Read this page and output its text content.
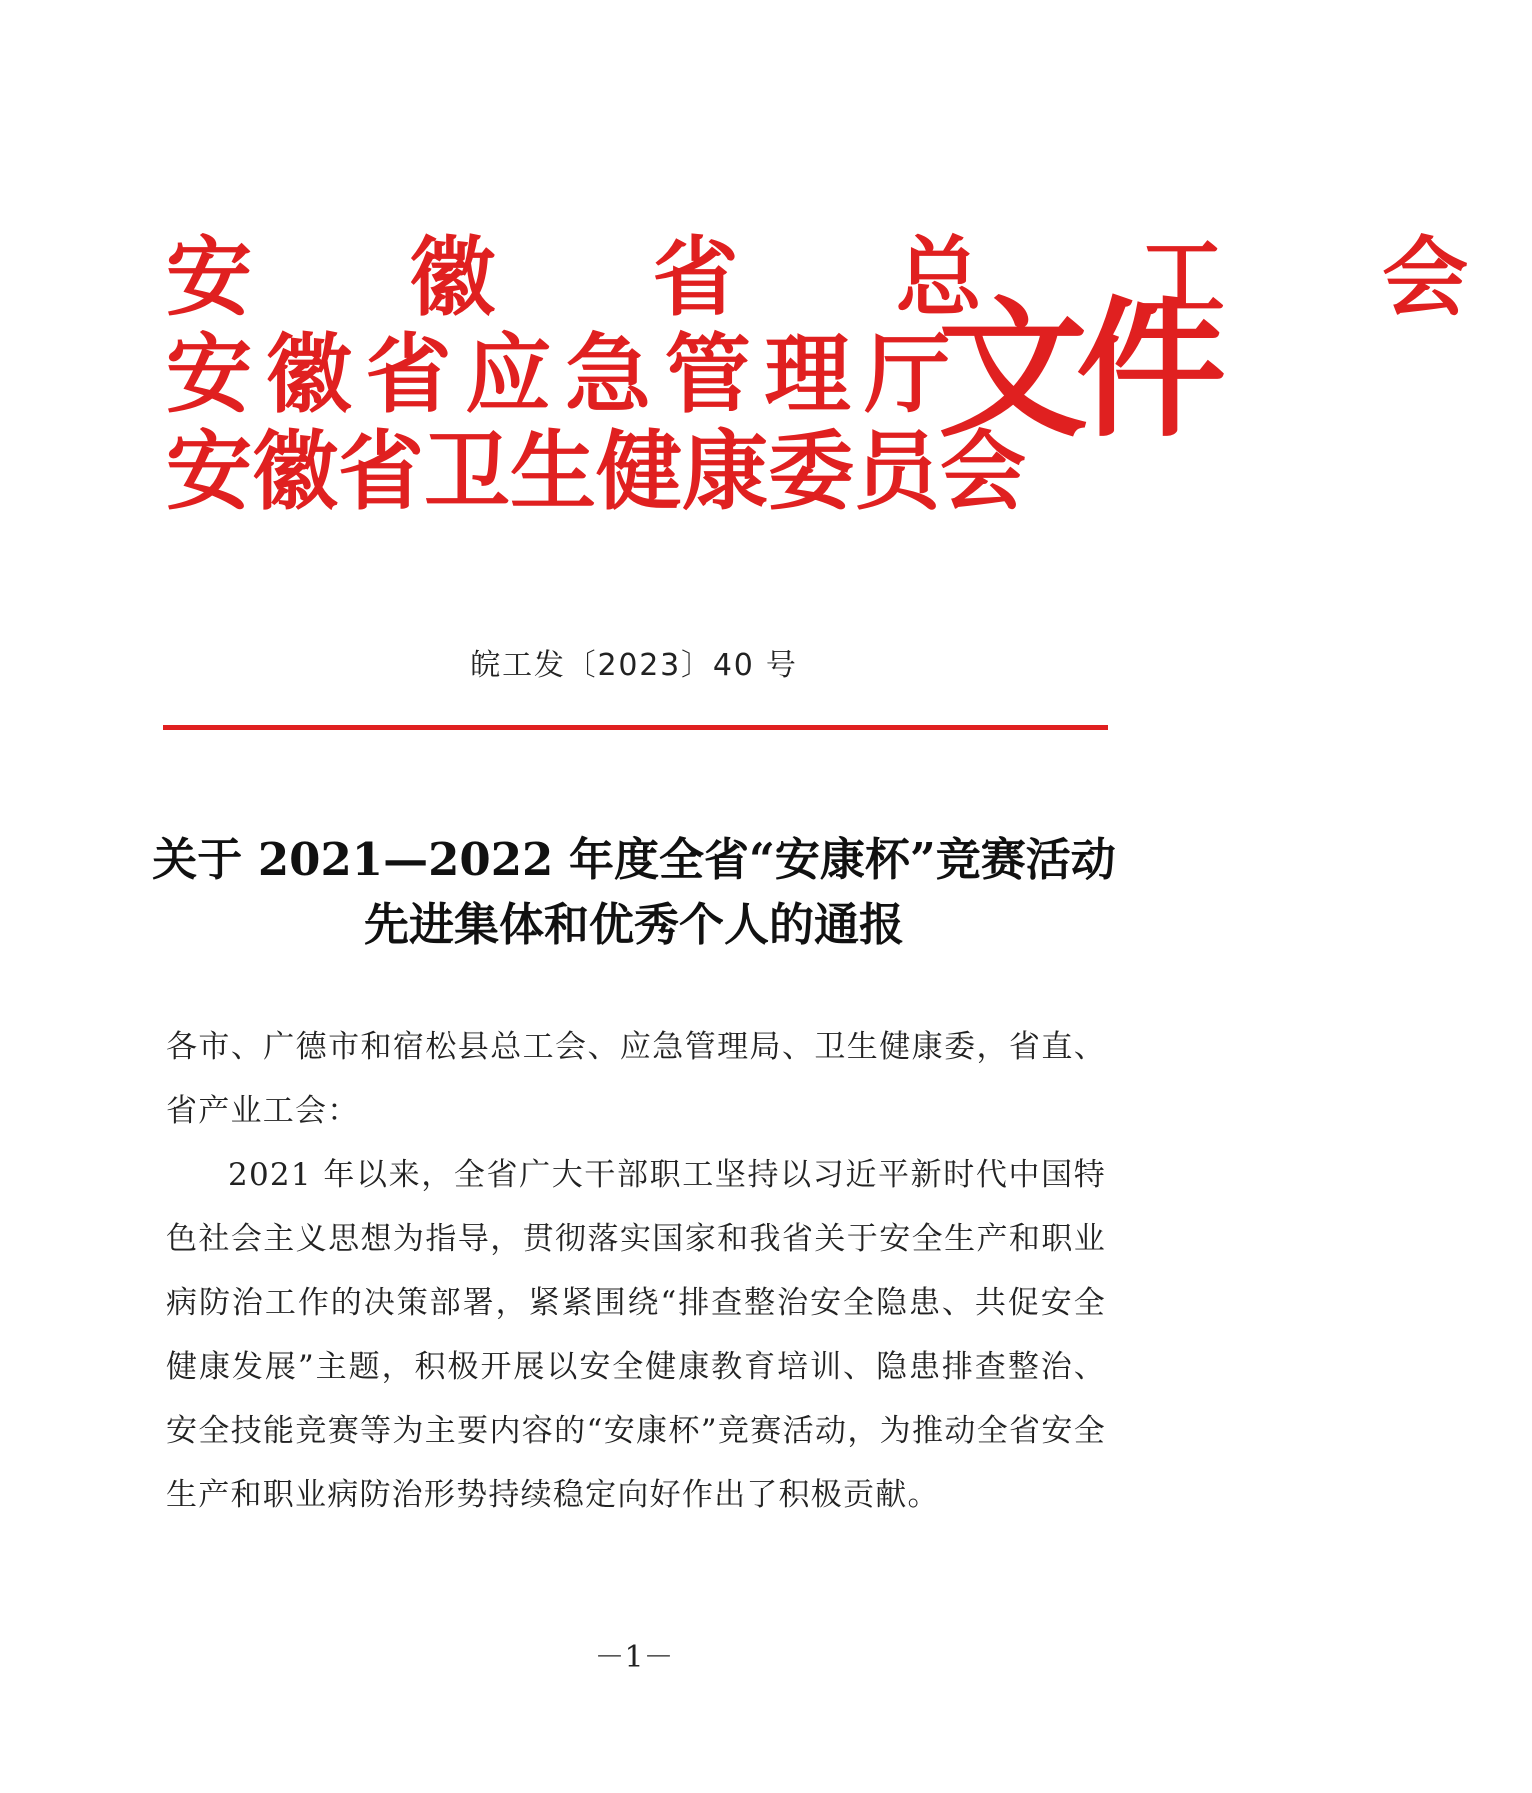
安 徽 省 总 工 会
安徽省应急管理厅
安徽省卫生健康委员会
文件
皖工发〔2023〕40 号
关于 2021—2022 年度全省“安康杯”竞赛活动
先进集体和优秀个人的通报
各市、广德市和宿松县总工会、应急管理局、卫生健康委，省直、省产业工会：
2021 年以来，全省广大干部职工坚持以习近平新时代中国特色社会主义思想为指导，贯彻落实国家和我省关于安全生产和职业病防治工作的决策部署，紧紧围绕“排查整治安全隐患、共促安全健康发展”主题，积极开展以安全健康教育培训、隐患排查整治、安全技能竞赛等为主要内容的“安康杯”竞赛活动，为推动全省安全生产和职业病防治形势持续稳定向好作出了积极贡献。
－1－
